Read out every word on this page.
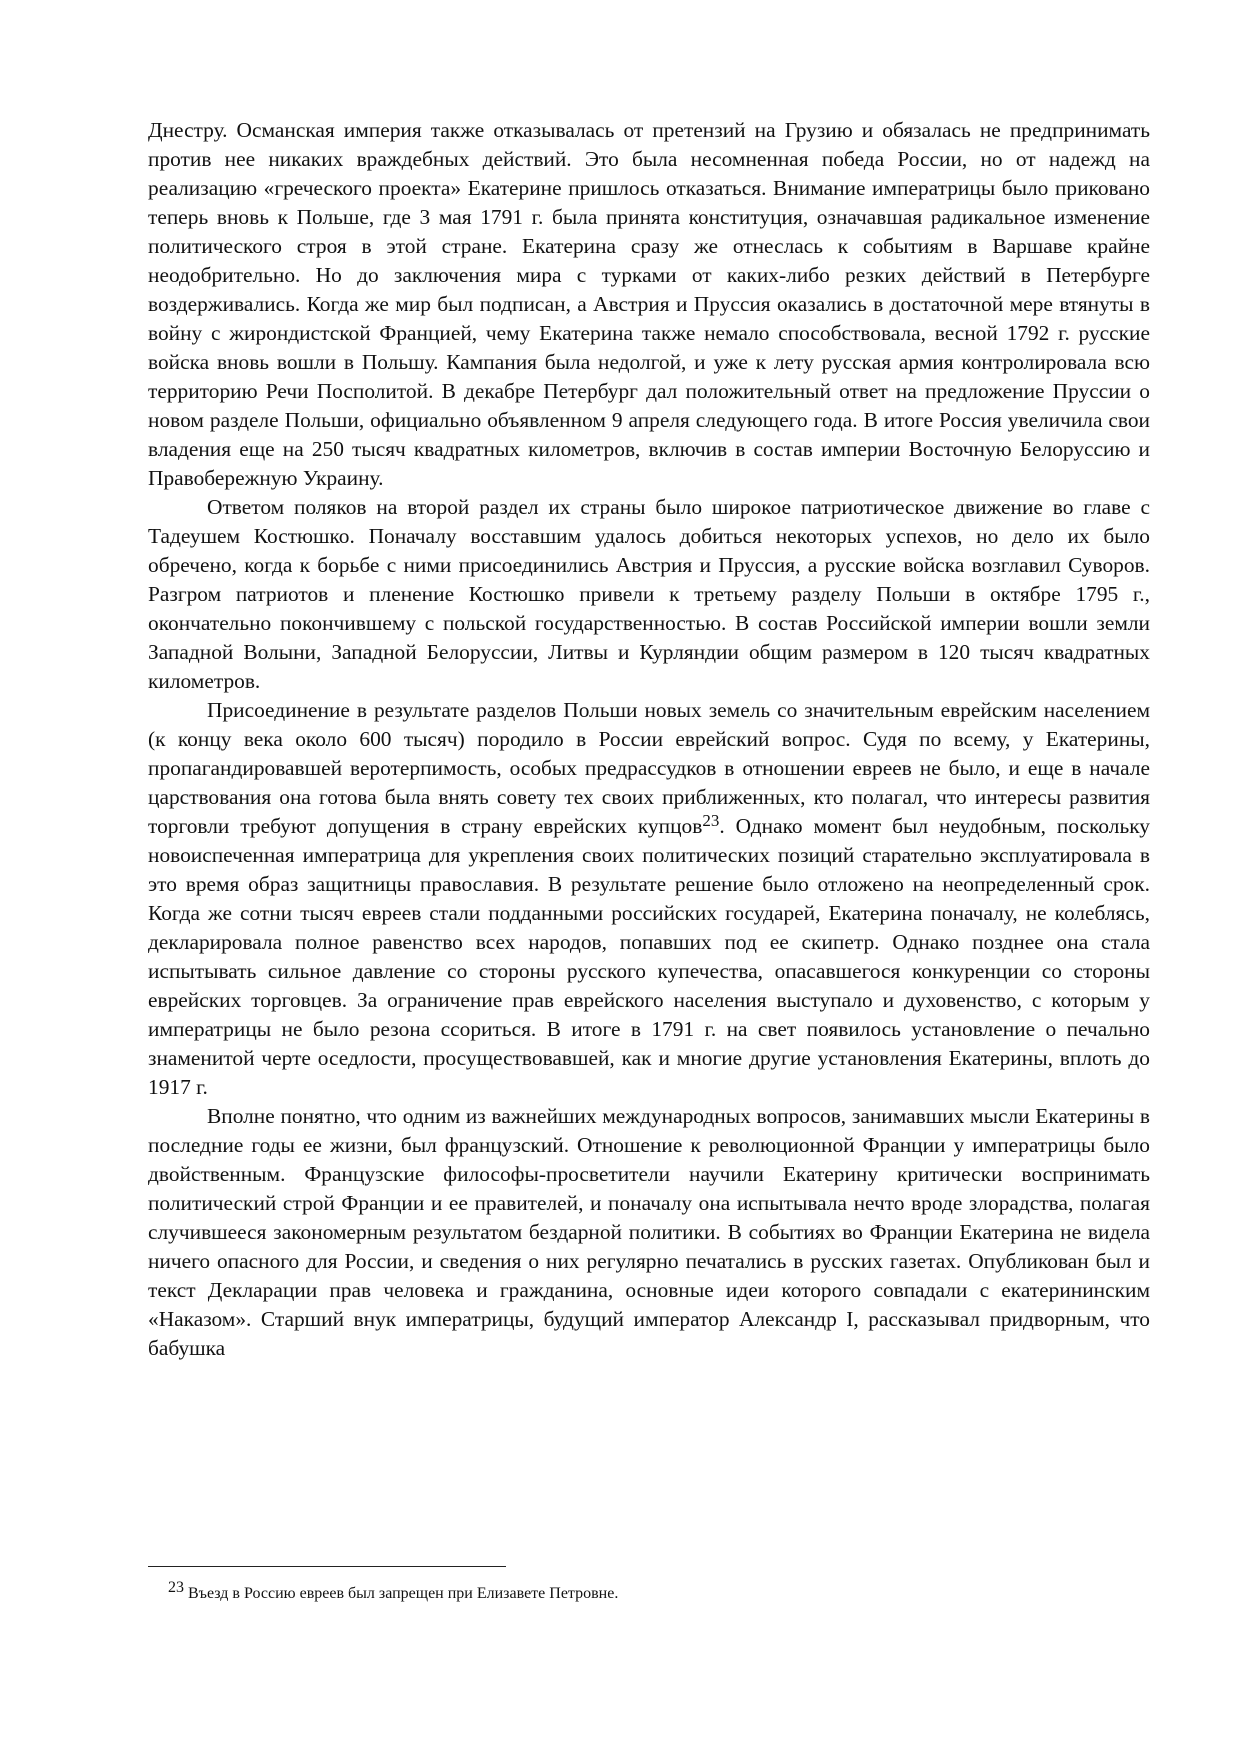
Днестру. Османская империя также отказывалась от претензий на Грузию и обязалась не предпринимать против нее никаких враждебных действий. Это была несомненная победа России, но от надежд на реализацию «греческого проекта» Екатерине пришлось отказаться. Внимание императрицы было приковано теперь вновь к Польше, где 3 мая 1791 г. была принята конституция, означавшая радикальное изменение политического строя в этой стране. Екатерина сразу же отнеслась к событиям в Варшаве крайне неодобрительно. Но до заключения мира с турками от каких-либо резких действий в Петербурге воздерживались. Когда же мир был подписан, а Австрия и Пруссия оказались в достаточной мере втянуты в войну с жирондистской Францией, чему Екатерина также немало способствовала, весной 1792 г. русские войска вновь вошли в Польшу. Кампания была недолгой, и уже к лету русская армия контролировала всю территорию Речи Посполитой. В декабре Петербург дал положительный ответ на предложение Пруссии о новом разделе Польши, официально объявленном 9 апреля следующего года. В итоге Россия увеличила свои владения еще на 250 тысяч квадратных километров, включив в состав империи Восточную Белоруссию и Правобережную Украину.

Ответом поляков на второй раздел их страны было широкое патриотическое движение во главе с Тадеушем Костюшко. Поначалу восставшим удалось добиться некоторых успехов, но дело их было обречено, когда к борьбе с ними присоединились Австрия и Пруссия, а русские войска возглавил Суворов. Разгром патриотов и пленение Костюшко привели к третьему разделу Польши в октябре 1795 г., окончательно покончившему с польской государственностью. В состав Российской империи вошли земли Западной Волыни, Западной Белоруссии, Литвы и Курляндии общим размером в 120 тысяч квадратных километров.

Присоединение в результате разделов Польши новых земель со значительным еврейским населением (к концу века около 600 тысяч) породило в России еврейский вопрос. Судя по всему, у Екатерины, пропагандировавшей веротерпимость, особых предрассудков в отношении евреев не было, и еще в начале царствования она готова была внять совету тех своих приближенных, кто полагал, что интересы развития торговли требуют допущения в страну еврейских купцов$^{23}$. Однако момент был неудобным, поскольку новоиспеченная императрица для укрепления своих политических позиций старательно эксплуатировала в это время образ защитницы православия. В результате решение было отложено на неопределенный срок. Когда же сотни тысяч евреев стали подданными российских государей, Екатерина поначалу, не колеблясь, декларировала полное равенство всех народов, попавших под ее скипетр. Однако позднее она стала испытывать сильное давление со стороны русского купечества, опасавшегося конкуренции со стороны еврейских торговцев. За ограничение прав еврейского населения выступало и духовенство, с которым у императрицы не было резона ссориться. В итоге в 1791 г. на свет появилось установление о печально знаменитой черте оседлости, просуществовавшей, как и многие другие установления Екатерины, вплоть до 1917 г.

Вполне понятно, что одним из важнейших международных вопросов, занимавших мысли Екатерины в последние годы ее жизни, был французский. Отношение к революционной Франции у императрицы было двойственным. Французские философы-просветители научили Екатерину критически воспринимать политический строй Франции и ее правителей, и поначалу она испытывала нечто вроде злорадства, полагая случившееся закономерным результатом бездарной политики. В событиях во Франции Екатерина не видела ничего опасного для России, и сведения о них регулярно печатались в русских газетах. Опубликован был и текст Декларации прав человека и гражданина, основные идеи которого совпадали с екатерининским «Наказом». Старший внук императрицы, будущий император Александр I, рассказывал придворным, что бабушка

23 Въезд в Россию евреев был запрещен при Елизавете Петровне.
